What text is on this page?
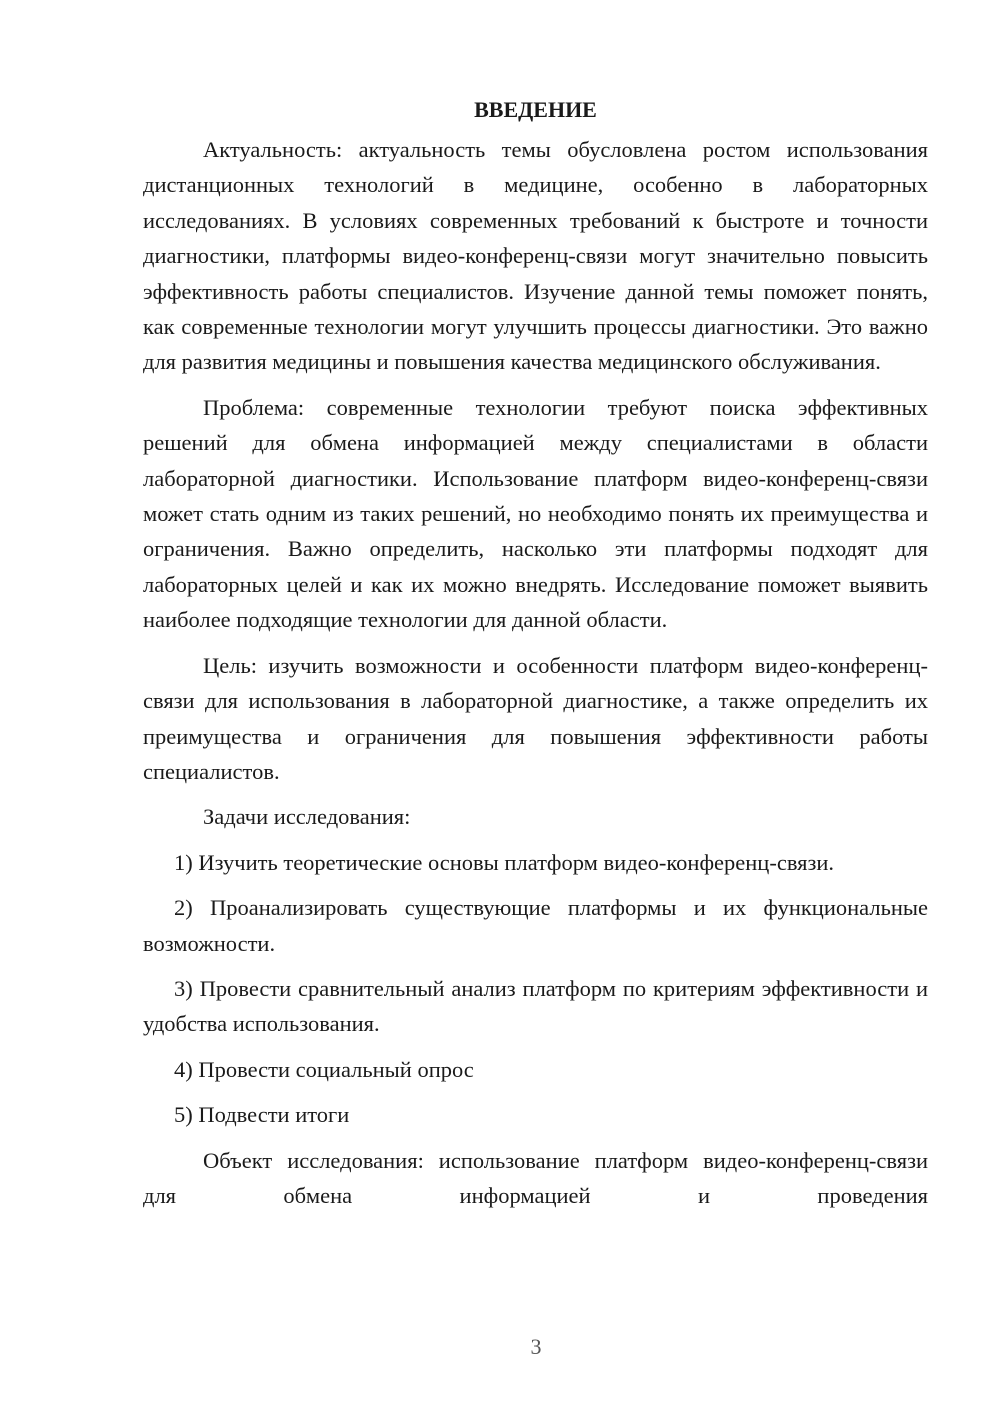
ВВЕДЕНИЕ

Актуальность: актуальность темы обусловлена ростом использования дистанционных технологий в медицине, особенно в лабораторных исследованиях. В условиях современных требований к быстроте и точности диагностики, платформы видео-конференц-связи могут значительно повысить эффективность работы специалистов. Изучение данной темы поможет понять, как современные технологии могут улучшить процессы диагностики. Это важно для развития медицины и повышения качества медицинского обслуживания.

Проблема: современные технологии требуют поиска эффективных решений для обмена информацией между специалистами в области лабораторной диагностики. Использование платформ видео-конференц-связи может стать одним из таких решений, но необходимо понять их преимущества и ограничения. Важно определить, насколько эти платформы подходят для лабораторных целей и как их можно внедрять. Исследование поможет выявить наиболее подходящие технологии для данной области.

Цель: изучить возможности и особенности платформ видео-конференц-связи для использования в лабораторной диагностике, а также определить их преимущества и ограничения для повышения эффективности работы специалистов.

Задачи исследования:

1) Изучить теоретические основы платформ видео-конференц-связи.

2) Проанализировать существующие платформы и их функциональные возможности.

3) Провести сравнительный анализ платформ по критериям эффективности и удобства использования.

4) Провести социальный опрос

5) Подвести итоги

Объект исследования: использование платформ видео-конференц-связи для обмена информацией и проведения

3
